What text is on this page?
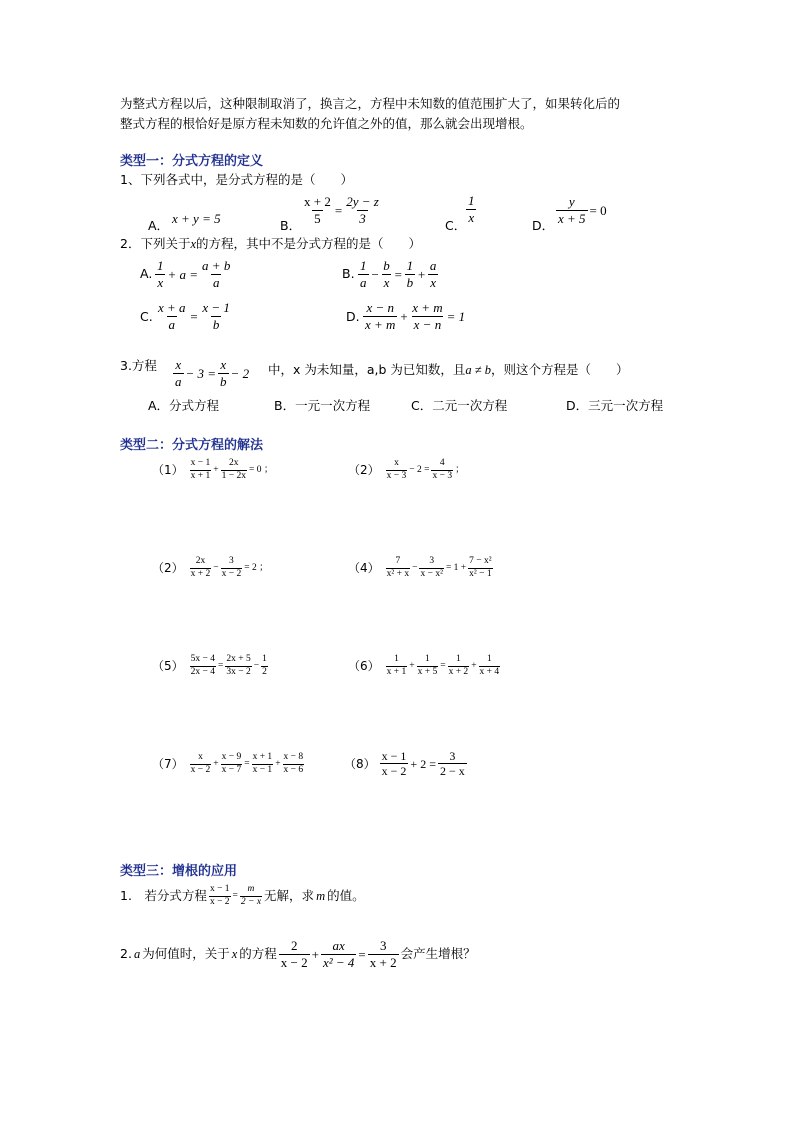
为整式方程以后，这种限制取消了，换言之，方程中未知数的值范围扩大了，如果转化后的
整式方程的根恰好是原方程未知数的允许值之外的值，那么就会出现增根。
类型一：分式方程的定义
1、下列各式中，是分式方程的是（　　）
A． x + y = 5	B． $\frac{x + 2}{5} = \frac{2y - z}{3}$	C．
$\frac{1}{x}$
D． $\frac{y}{x + 5} = 0$
2．下列关于x的方程，其中不是分式方程的是（　　）
A. $\frac{1}{x} + a = \frac{a + b}{a}$	B. $\frac{1}{a} - \frac{b}{x} = \frac{1}{b} + \frac{a}{x}$
C. $\frac{x + a}{a} = \frac{x - 1}{b}$	D. $\frac{x - n}{x + m} + \frac{x + m}{x - n} = 1$
3.方程 $\frac{x}{a} - 3 = \frac{x}{b} - 2$ 中，x 为未知量，a,b 为已知数，且a ≠ b，则这个方程是（　　）
A．分式方程	B．一元一次方程	C．二元一次方程	D．三元一次方程
类型二：分式方程的解法
$(1) \frac{x - 1}{x + 1} + \frac{2x}{1 - 2x} = 0$ ；	$(2) \frac{x}{x - 3} - 2 = \frac{4}{x - 3}$ ；
$(2) \frac{2x}{x + 2} - \frac{3}{x - 2} = 2$ ；	$(4) \frac{7}{\text{x² + x}} - \frac{3}{\text{x − x²}} = 1 + \frac{\text{7 − x²}}{\text{x² − 1}}$
$(5) \frac{5x - 4}{2x - 4} = \frac{2x + 5}{3x - 2} - \frac{1}{2}$	$(6) \frac{1}{x + 1} + \frac{1}{x + 5} = \frac{1}{x + 2} + \frac{1}{x + 4}$
$(7) \frac{x}{x - 2} + \frac{x - 9}{x - 7} = \frac{x + 1}{x - 1} + \frac{x - 8}{x - 6}$	$(8) \frac{x - 1}{x - 2} + 2 = \frac{3}{2 - x}$
类型三：增根的应用
1.　若分式方程 $\frac{x - 1}{x - 2} = \frac{m}{2 - x}$ 无解，求 m 的值。
2. a 为何值时，关于 x 的方程 $\frac{2}{x - 2} + \frac{ax}{\text{x² − 4}} = \frac{3}{x + 2}$ 会产生增根？
